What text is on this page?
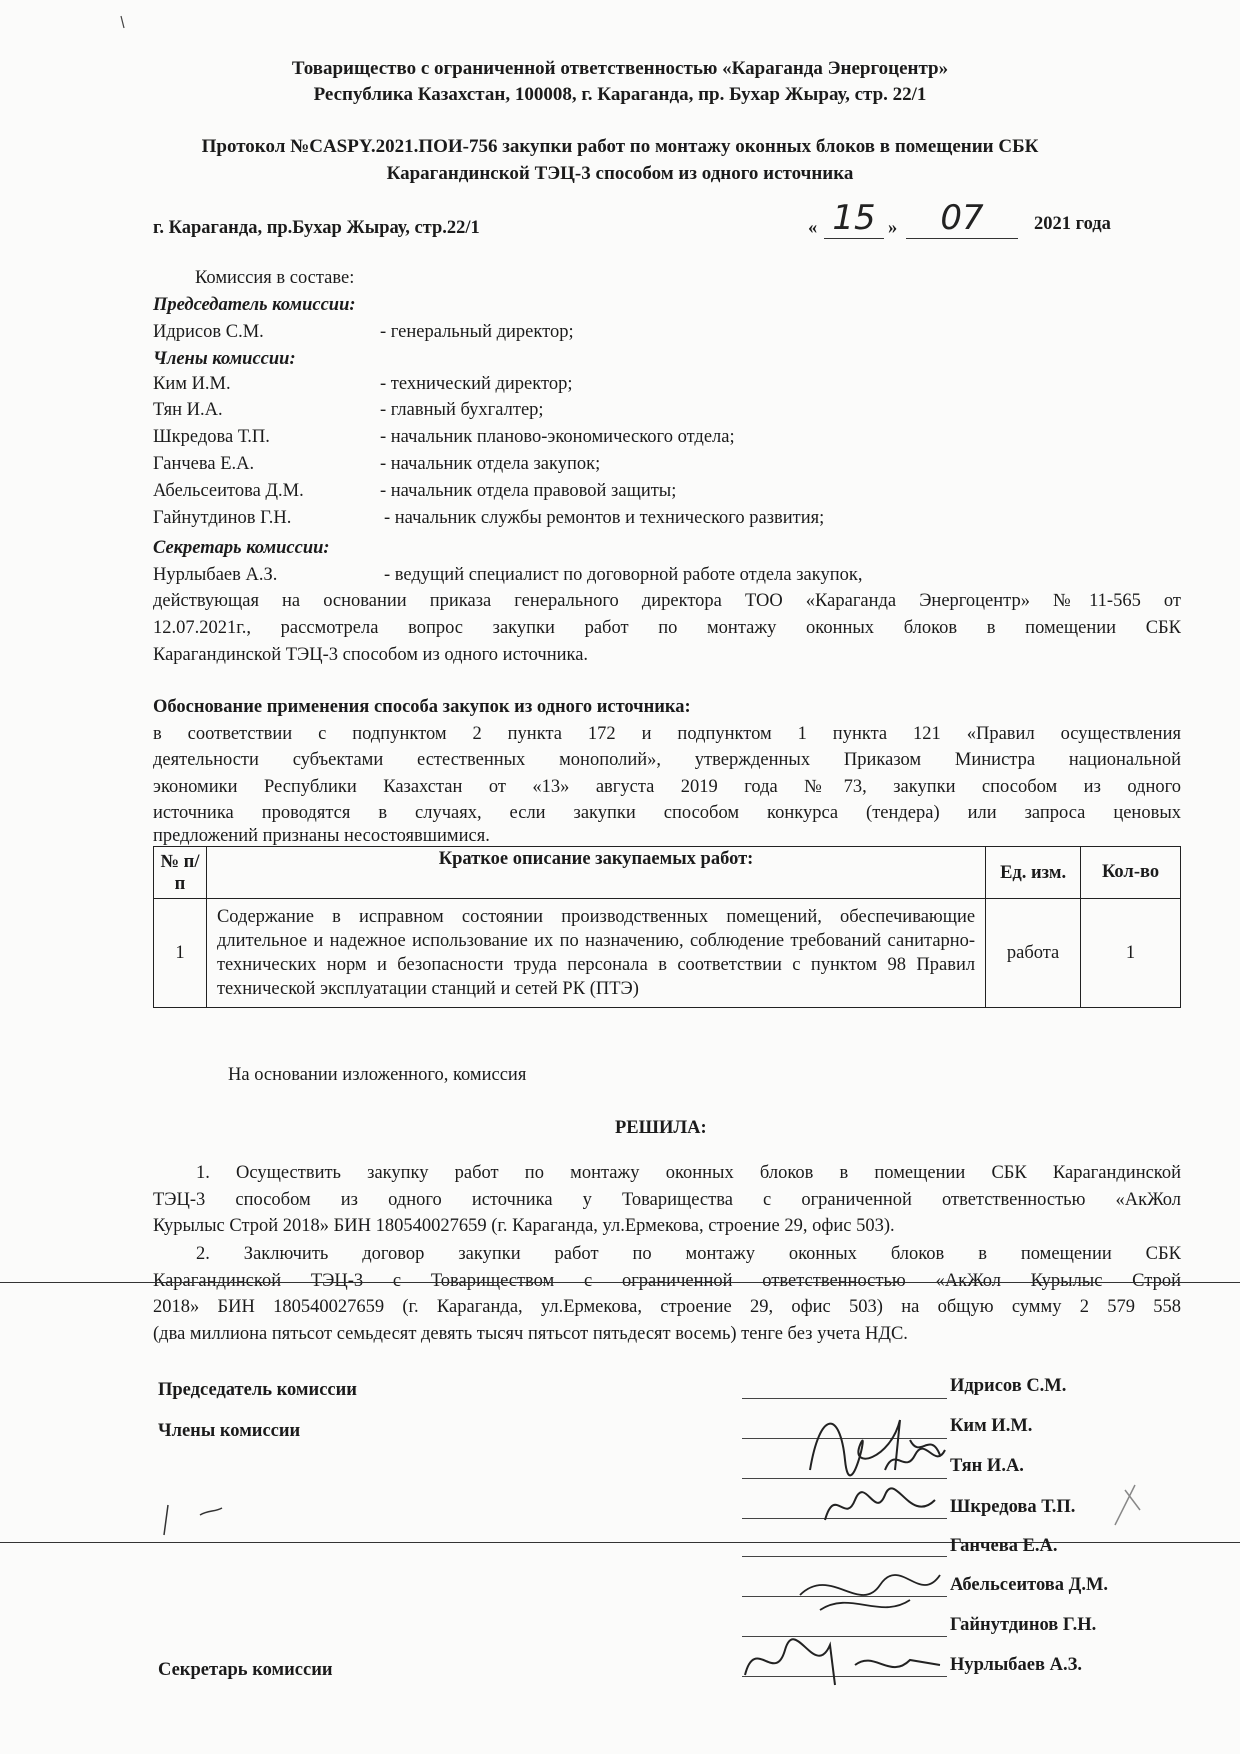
Товарищество с ограниченной ответственностью «Караганда Энергоцентр»
Республика Казахстан, 100008, г. Караганда, пр. Бухар Жырау, стр. 22/1
Протокол №CASPY.2021.ПОИ-756 закупки работ по монтажу оконных блоков в помещении СБК
Карагандинской ТЭЦ-3 способом из одного источника
г. Караганда, пр.Бухар Жырау, стр.22/1	« 15 »	07	2021 года
Комиссия в составе:
Председатель комиссии:
Идрисов С.М.	- генеральный директор;
Члены комиссии:
Ким И.М.	- технический директор;
Тян И.А.	- главный бухгалтер;
Шкредова Т.П.	- начальник планово-экономического отдела;
Ганчева Е.А.	- начальник отдела закупок;
Абельсеитова Д.М.	- начальник отдела правовой защиты;
Гайнутдинов Г.Н.	- начальник службы ремонтов и технического развития;
Секретарь комиссии:
Нурлыбаев А.З.	- ведущий специалист по договорной работе отдела закупок,
действующая на основании приказа генерального директора ТОО «Караганда Энергоцентр» №11-565 от
12.07.2021г., рассмотрела вопрос закупки работ по монтажу оконных блоков в помещении СБК
Карагандинской ТЭЦ-3 способом из одного источника.
Обоснование применения способа закупок из одного источника:
в соответствии с подпунктом 2 пункта 172 и подпунктом 1 пункта 121 «Правил осуществления
деятельности субъектами естественных монополий», утвержденных Приказом Министра национальной
экономики Республики Казахстан от «13» августа 2019 года №73, закупки способом из одного
источника проводятся в случаях, если закупки способом конкурса (тендера) или запроса ценовых
предложений признаны несостоявшимися.
№ п/п	Краткое описание закупаемых работ:	Ед. изм.	Кол-во
1	Содержание в исправном состоянии производственных помещений, обеспечивающие длительное и надежное использование их по назначению, соблюдение требований санитарно-технических норм и безопасности труда персонала в соответствии с пунктом 98 Правил технической эксплуатации станций и сетей РК (ПТЭ)	работа	1
На основании изложенного, комиссия
РЕШИЛА:
1. Осуществить закупку работ по монтажу оконных блоков в помещении СБК Карагандинской
ТЭЦ-3 способом из одного источника у Товарищества с ограниченной ответственностью «АкЖол
Курылыс Строй 2018» БИН 180540027659 (г. Караганда, ул.Ермекова, строение 29, офис 503).
2. Заключить договор закупки работ по монтажу оконных блоков в помещении СБК
Карагандинской ТЭЦ-3 с Товариществом с ограниченной ответственностью «АкЖол Курылыс Строй
2018» БИН 180540027659 (г. Караганда, ул.Ермекова, строение 29, офис 503) на общую сумму 2 579 558
(два миллиона пятьсот семьдесят девять тысяч пятьсот пятьдесят восемь) тенге без учета НДС.
Председатель комиссии
Члены комиссии
Секретарь комиссии
Идрисов С.М.
Ким И.М.
Тян И.А.
Шкредова Т.П.
Ганчева Е.А.
Абельсеитова Д.М.
Гайнутдинов Г.Н.
Нурлыбаев А.З.
